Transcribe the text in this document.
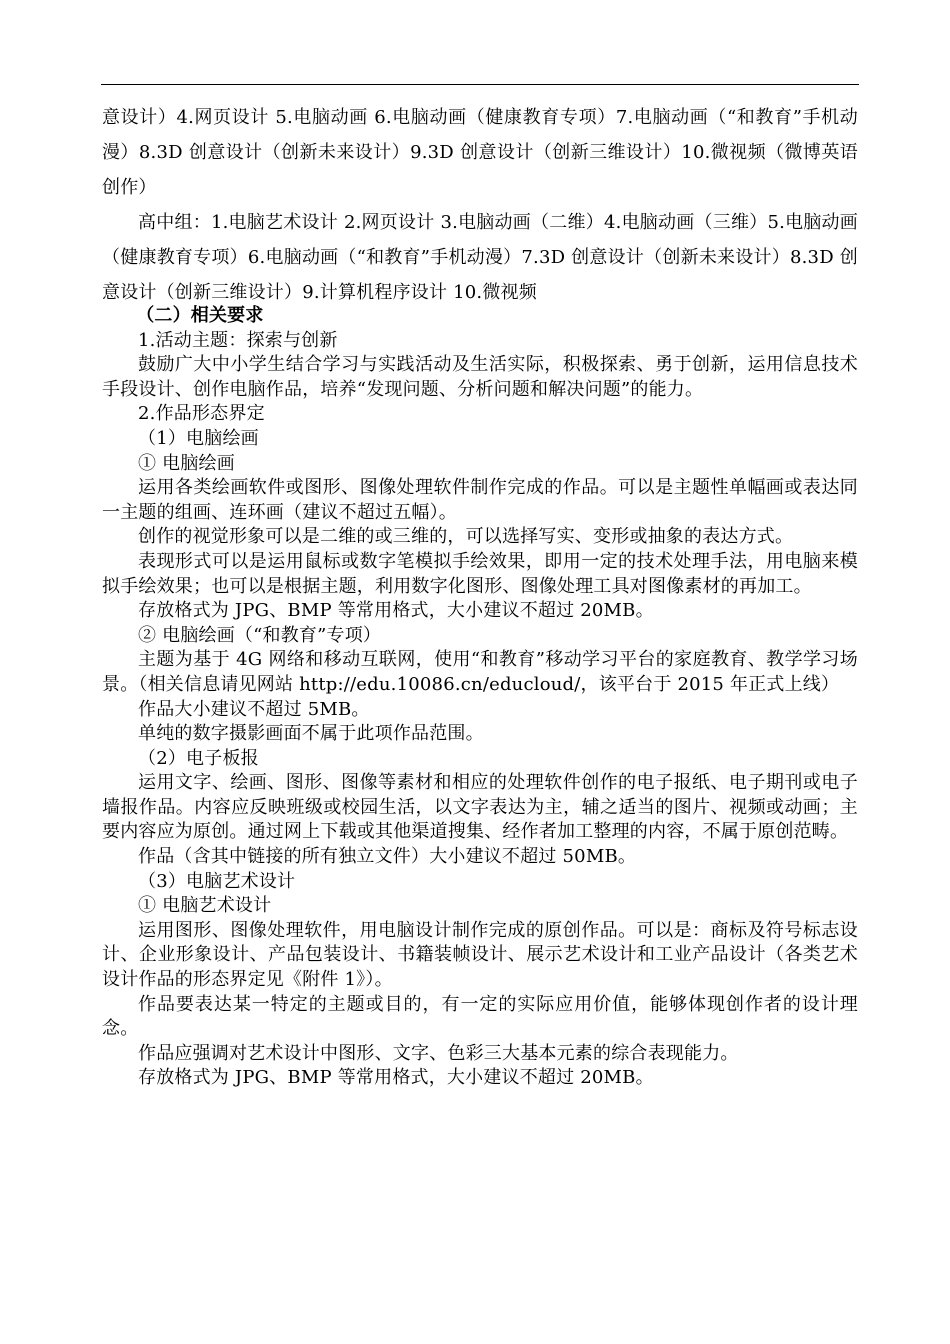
意设计）4.网页设计 5.电脑动画 6.电脑动画（健康教育专项）7.电脑动画（“和教育”手机动漫）8.3D 创意设计（创新未来设计）9.3D 创意设计（创新三维设计）10.微视频（微博英语创作）

高中组：1.电脑艺术设计 2.网页设计 3.电脑动画（二维）4.电脑动画（三维）5.电脑动画（健康教育专项）6.电脑动画（“和教育”手机动漫）7.3D 创意设计（创新未来设计）8.3D 创意设计（创新三维设计）9.计算机程序设计 10.微视频

（二）相关要求

1.活动主题：探索与创新

鼓励广大中小学生结合学习与实践活动及生活实际，积极探索、勇于创新，运用信息技术手段设计、创作电脑作品，培养“发现问题、分析问题和解决问题”的能力。

2.作品形态界定

（1）电脑绘画

① 电脑绘画

运用各类绘画软件或图形、图像处理软件制作完成的作品。可以是主题性单幅画或表达同一主题的组画、连环画（建议不超过五幅）。

创作的视觉形象可以是二维的或三维的，可以选择写实、变形或抽象的表达方式。

表现形式可以是运用鼠标或数字笔模拟手绘效果，即用一定的技术处理手法，用电脑来模拟手绘效果；也可以是根据主题，利用数字化图形、图像处理工具对图像素材的再加工。

存放格式为 JPG、BMP 等常用格式，大小建议不超过 20MB。

② 电脑绘画（“和教育”专项）

主题为基于 4G 网络和移动互联网，使用“和教育”移动学习平台的家庭教育、教学学习场景。（相关信息请见网站 http://edu.10086.cn/educloud/，该平台于 2015 年正式上线）

作品大小建议不超过 5MB。

单纯的数字摄影画面不属于此项作品范围。

（2）电子板报

运用文字、绘画、图形、图像等素材和相应的处理软件创作的电子报纸、电子期刊或电子墙报作品。内容应反映班级或校园生活，以文字表达为主，辅之适当的图片、视频或动画；主要内容应为原创。通过网上下载或其他渠道搜集、经作者加工整理的内容，不属于原创范畴。

作品（含其中链接的所有独立文件）大小建议不超过 50MB。

（3）电脑艺术设计

① 电脑艺术设计

运用图形、图像处理软件，用电脑设计制作完成的原创作品。可以是：商标及符号标志设计、企业形象设计、产品包装设计、书籍装帧设计、展示艺术设计和工业产品设计（各类艺术设计作品的形态界定见《附件 1》）。

作品要表达某一特定的主题或目的，有一定的实际应用价值，能够体现创作者的设计理念。

作品应强调对艺术设计中图形、文字、色彩三大基本元素的综合表现能力。

存放格式为 JPG、BMP 等常用格式，大小建议不超过 20MB。
